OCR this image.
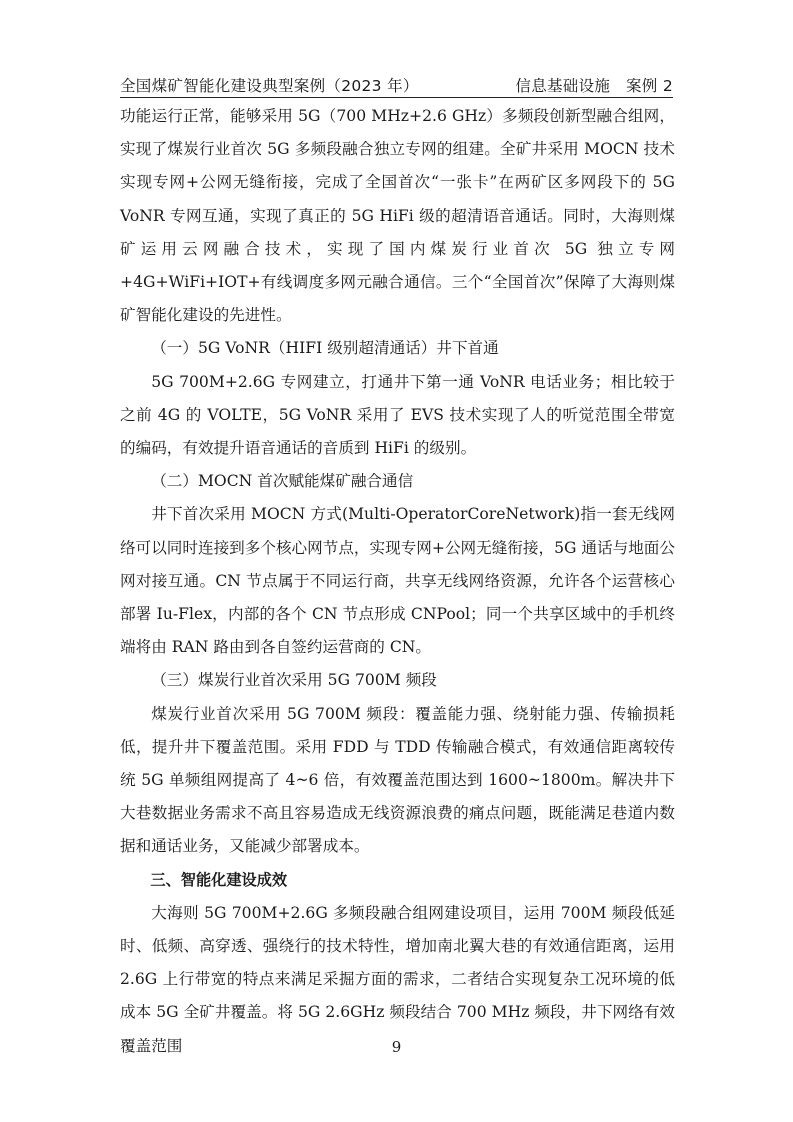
全国煤矿智能化建设典型案例（2023 年）	信息基础设施　案例 2

功能运行正常，能够采用 5G（700 MHz+2.6 GHz）多频段创新型融合组网，实现了煤炭行业首次 5G 多频段融合独立专网的组建。全矿井采用 MOCN 技术实现专网+公网无缝衔接，完成了全国首次“一张卡”在两矿区多网段下的 5G VoNR 专网互通，实现了真正的 5G HiFi 级的超清语音通话。同时，大海则煤矿运用云网融合技术，实现了国内煤炭行业首次 5G 独立专网+4G+WiFi+IOT+有线调度多网元融合通信。三个“全国首次”保障了大海则煤矿智能化建设的先进性。

（一）5G VoNR（HIFI 级别超清通话）井下首通

5G 700M+2.6G 专网建立，打通井下第一通 VoNR 电话业务；相比较于之前 4G 的 VOLTE，5G VoNR 采用了 EVS 技术实现了人的听觉范围全带宽的编码，有效提升语音通话的音质到 HiFi 的级别。

（二）MOCN 首次赋能煤矿融合通信

井下首次采用 MOCN 方式(Multi-OperatorCoreNetwork)指一套无线网络可以同时连接到多个核心网节点，实现专网+公网无缝衔接，5G 通话与地面公网对接互通。CN 节点属于不同运行商，共享无线网络资源，允许各个运营核心部署 Iu-Flex，内部的各个 CN 节点形成 CNPool；同一个共享区域中的手机终端将由 RAN 路由到各自签约运营商的 CN。

（三）煤炭行业首次采用 5G 700M 频段

煤炭行业首次采用 5G 700M 频段：覆盖能力强、绕射能力强、传输损耗低，提升井下覆盖范围。采用 FDD 与 TDD 传输融合模式，有效通信距离较传统 5G 单频组网提高了 4~6 倍，有效覆盖范围达到 1600~1800m。解决井下大巷数据业务需求不高且容易造成无线资源浪费的痛点问题，既能满足巷道内数据和通话业务，又能减少部署成本。

三、智能化建设成效

大海则 5G 700M+2.6G 多频段融合组网建设项目，运用 700M 频段低延时、低频、高穿透、强绕行的技术特性，增加南北翼大巷的有效通信距离，运用 2.6G 上行带宽的特点来满足采掘方面的需求，二者结合实现复杂工况环境的低成本 5G 全矿井覆盖。将 5G 2.6GHz 频段结合 700 MHz 频段，井下网络有效覆盖范围	9
